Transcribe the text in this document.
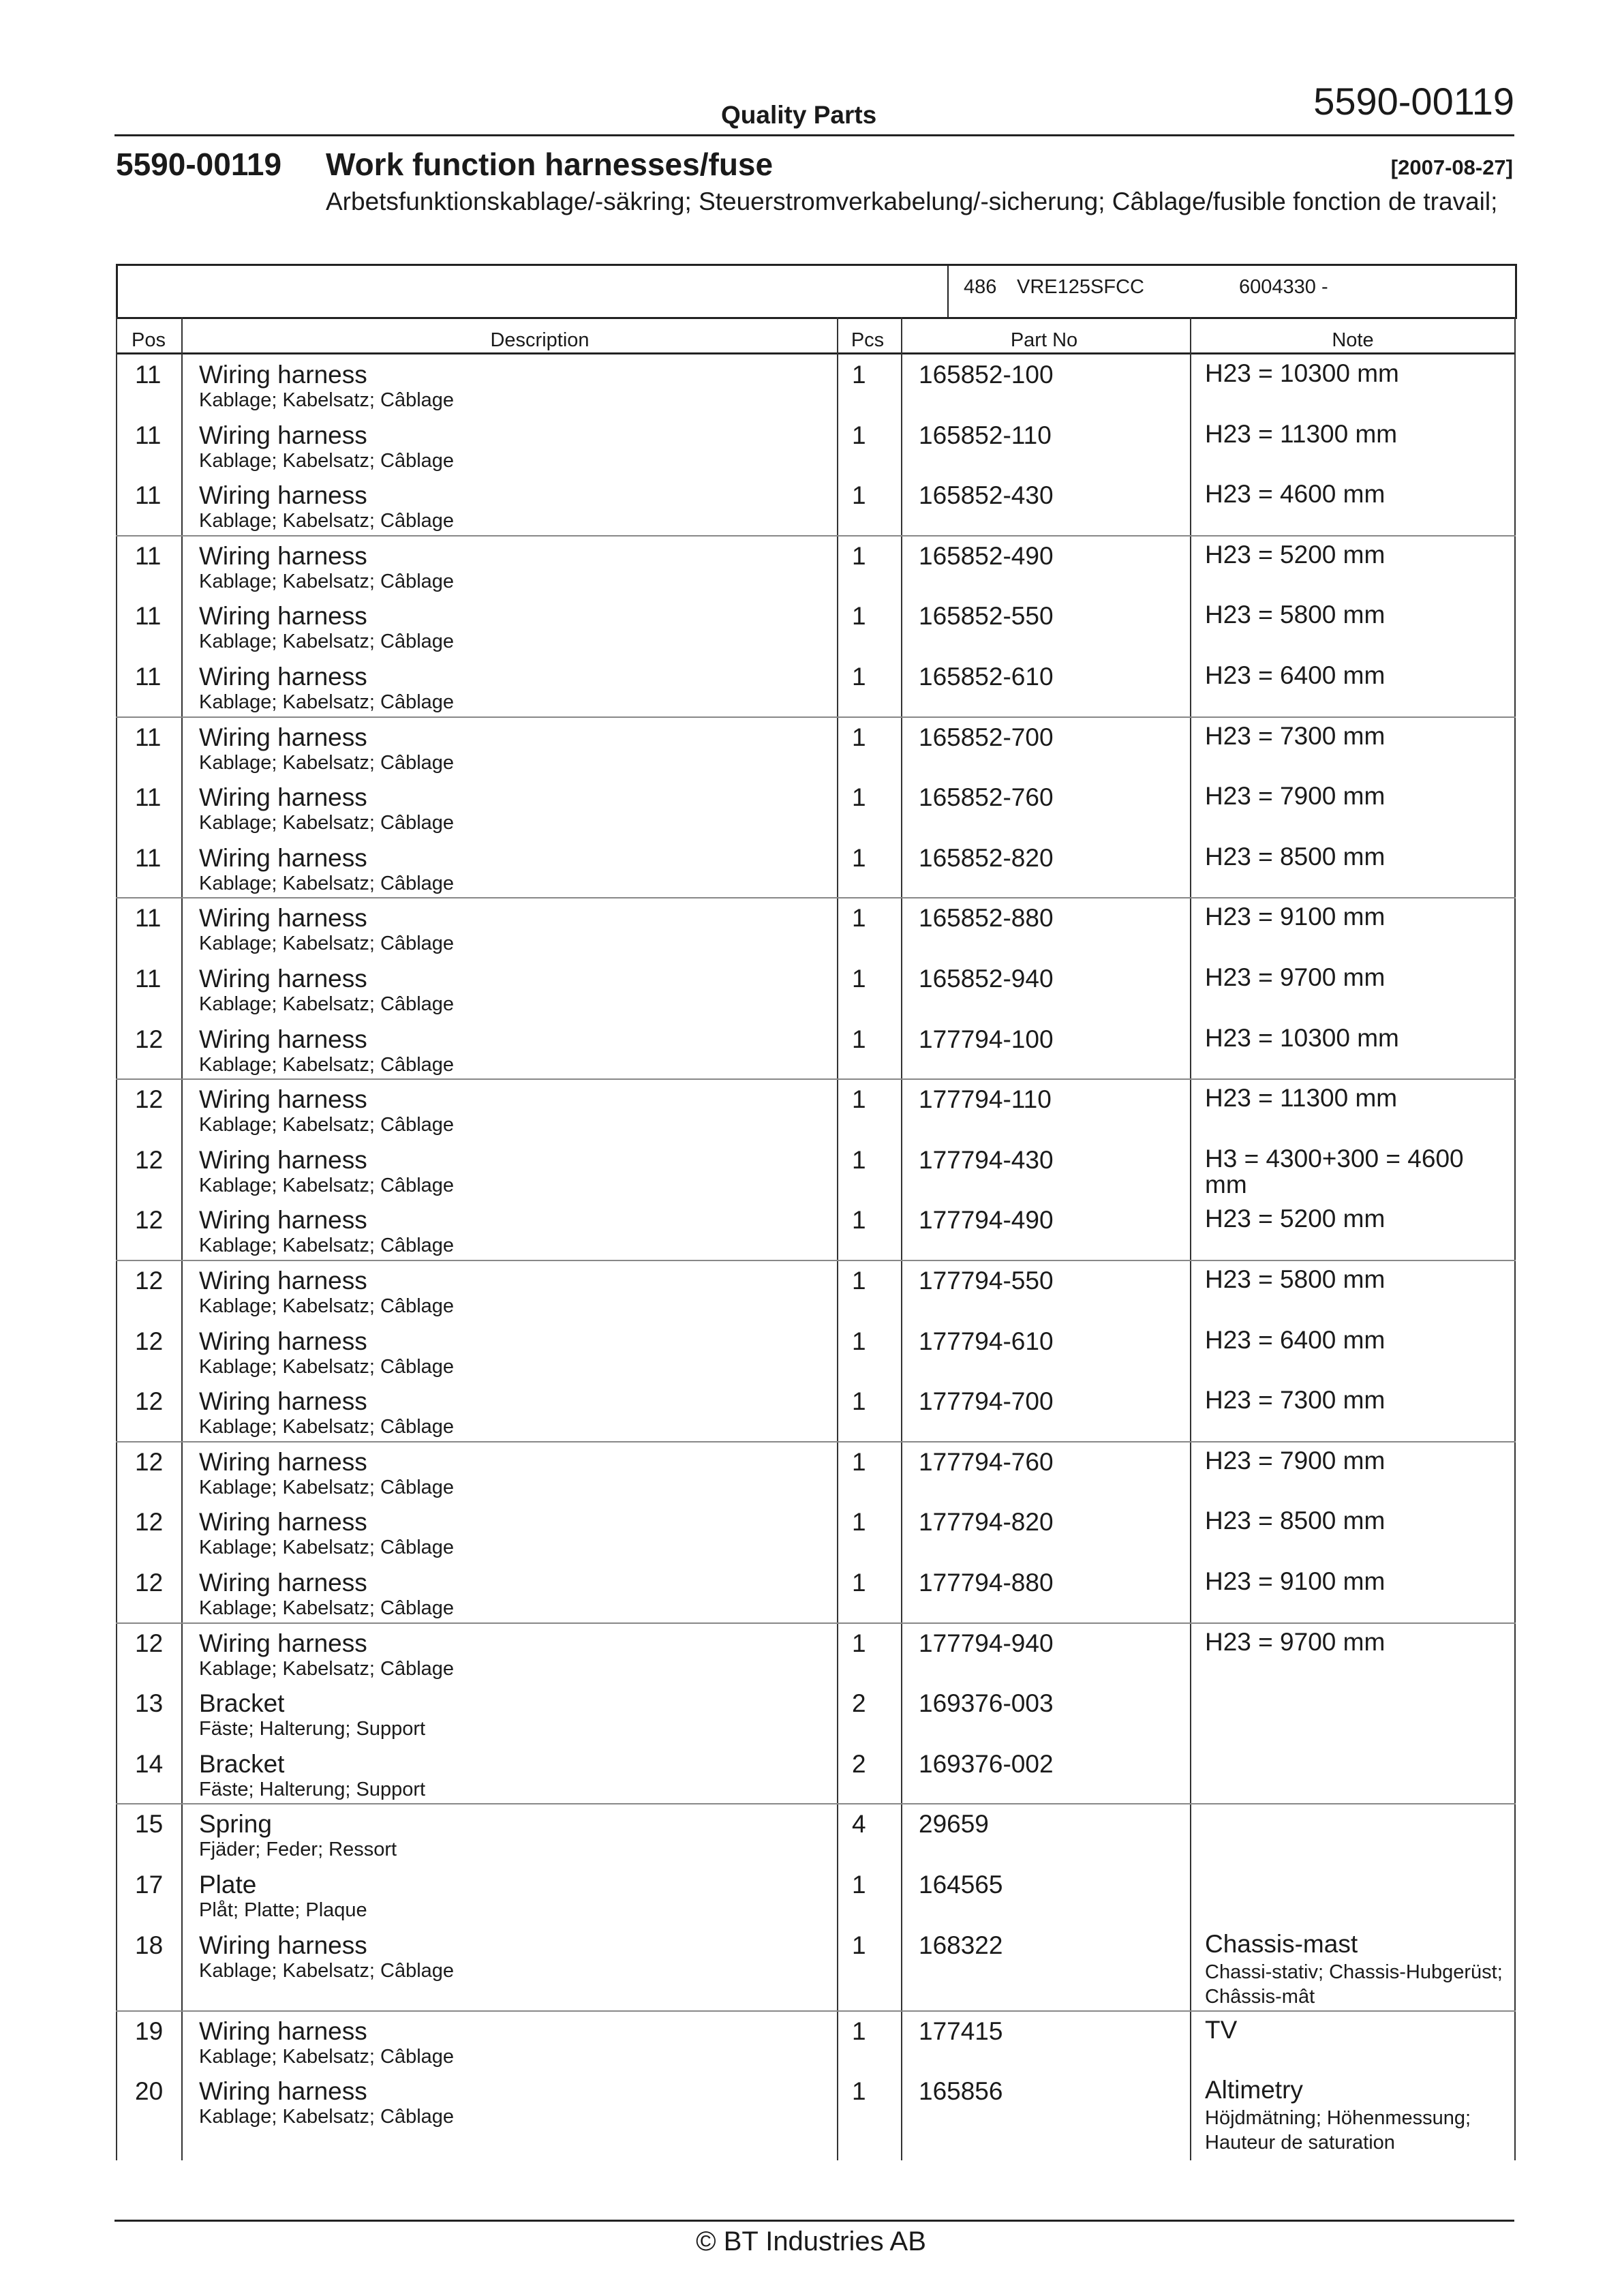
Quality Parts	5590-00119
5590-00119 Work function harnesses/fuse	[2007-08-27]
Arbetsfunktionskablage/-säkring; Steuerstromverkabelung/-sicherung; Câblage/fusible fonction de travail;
486 VRE125SFCC	6004330 -
Pos	Description	Pcs	Part No	Note
11 Wiring harness
Kablage; Kabelsatz; Câblage
1 165852-100	H23 = 10300 mm
11 Wiring harness
Kablage; Kabelsatz; Câblage
1 165852-110	H23 = 11300 mm
11 Wiring harness
Kablage; Kabelsatz; Câblage
1 165852-430	H23 = 4600 mm
11 Wiring harness
Kablage; Kabelsatz; Câblage
1 165852-490	H23 = 5200 mm
11 Wiring harness
Kablage; Kabelsatz; Câblage
1 165852-550	H23 = 5800 mm
11 Wiring harness
Kablage; Kabelsatz; Câblage
1 165852-610	H23 = 6400 mm
11 Wiring harness
Kablage; Kabelsatz; Câblage
1 165852-700	H23 = 7300 mm
11 Wiring harness
Kablage; Kabelsatz; Câblage
1 165852-760	H23 = 7900 mm
11 Wiring harness
Kablage; Kabelsatz; Câblage
1 165852-820	H23 = 8500 mm
11 Wiring harness
Kablage; Kabelsatz; Câblage
1 165852-880	H23 = 9100 mm
11 Wiring harness
Kablage; Kabelsatz; Câblage
1 165852-940	H23 = 9700 mm
12 Wiring harness
Kablage; Kabelsatz; Câblage
1 177794-100	H23 = 10300 mm
12 Wiring harness
Kablage; Kabelsatz; Câblage
1 177794-110	H23 = 11300 mm
12 Wiring harness
Kablage; Kabelsatz; Câblage
1 177794-430	H3 = 4300+300 = 4600 mm
12 Wiring harness
Kablage; Kabelsatz; Câblage
1 177794-490	H23 = 5200 mm
12 Wiring harness
Kablage; Kabelsatz; Câblage
1 177794-550	H23 = 5800 mm
12 Wiring harness
Kablage; Kabelsatz; Câblage
1 177794-610	H23 = 6400 mm
12 Wiring harness
Kablage; Kabelsatz; Câblage
1 177794-700	H23 = 7300 mm
12 Wiring harness
Kablage; Kabelsatz; Câblage
1 177794-760	H23 = 7900 mm
12 Wiring harness
Kablage; Kabelsatz; Câblage
1 177794-820	H23 = 8500 mm
12 Wiring harness
Kablage; Kabelsatz; Câblage
1 177794-880	H23 = 9100 mm
12 Wiring harness
Kablage; Kabelsatz; Câblage
1 177794-940	H23 = 9700 mm
13 Bracket
Fäste; Halterung; Support
2 169376-003
14 Bracket
Fäste; Halterung; Support
2 169376-002
15 Spring
Fjäder; Feder; Ressort
4 29659
17 Plate
Plåt; Platte; Plaque
1 164565
18 Wiring harness
Kablage; Kabelsatz; Câblage
1 168322	Chassis-mast
Chassi-stativ; Chassis-Hubgerüst; Châssis-mât
19 Wiring harness
Kablage; Kabelsatz; Câblage
1 177415	TV
20 Wiring harness
Kablage; Kabelsatz; Câblage
1 165856	Altimetry
Höjdmätning; Höhenmessung; Hauteur de saturation
© BT Industries AB
